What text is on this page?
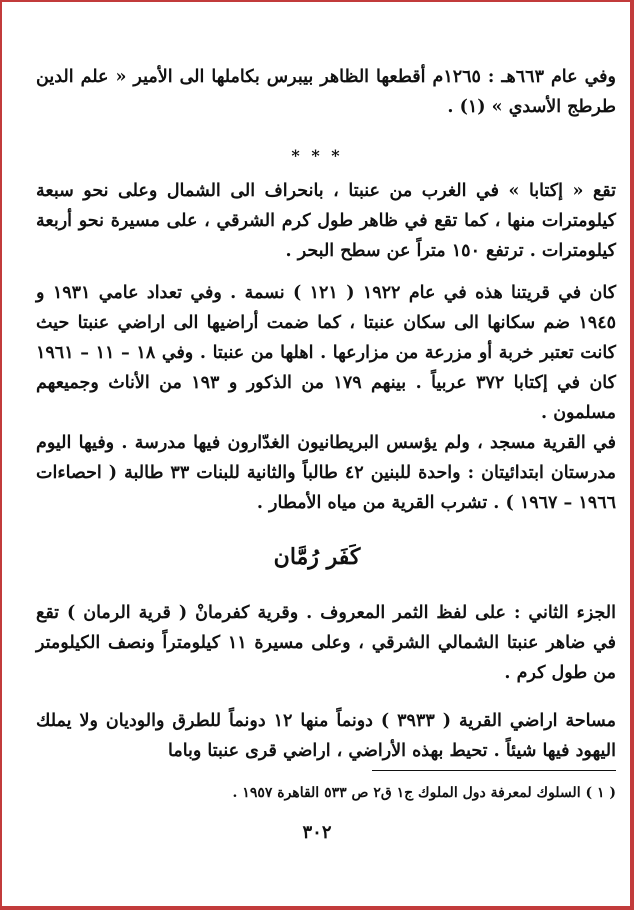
وفي عام ٦٦٣هـ : ١٢٦٥م أقطعها الظاهر بيبرس بكاملها الى الأمير « علم الدين طرطج الأسدي » (١) .

* * *

تقع « إكتابا » في الغرب من عنبتا ، بانحراف الى الشمال وعلى نحو سبعة كيلومترات منها ، كما تقع في ظاهر طول كرم الشرقي ، على مسيرة نحو أربعة كيلومترات . ترتفع ١٥٠ متراً عن سطح البحر .

كان في قريتنا هذه في عام ١٩٢٢ ( ١٢١ ) نسمة . وفي تعداد عامي ١٩٣١ و ١٩٤٥ ضم سكانها الى سكان عنبتا ، كما ضمت أراضيها الى اراضي عنبتا حيث كانت تعتبر خربة أو مزرعة من مزارعها . اهلها من عنبتا . وفي ١٨ – ١١ – ١٩٦١ كان في إكتابا ٣٧٢ عربياً . بينهم ١٧٩ من الذكور و ١٩٣ من الأناث وجميعهم مسلمون .

في القرية مسجد ، ولم يؤسس البريطانيون الغدّارون فيها مدرسة . وفيها اليوم مدرستان ابتدائيتان : واحدة للبنين ٤٢ طالباً والثانية للبنات ٣٣ طالبة ( احصاءات ١٩٦٦ – ١٩٦٧ ) . تشرب القرية من مياه الأمطار .

كَفَر رُمَّان

الجزء الثاني : على لفظ الثمر المعروف . وقرية كفرمانْ ( قرية الرمان ) تقع في ضاهر عنبتا الشمالي الشرقي ، وعلى مسيرة ١١ كيلومتراً ونصف الكيلومتر من طول كرم .

مساحة اراضي القرية ( ٣٩٣٣ ) دونماً منها ١٢ دونماً للطرق والوديان ولا يملك اليهود فيها شيئاً . تحيط بهذه الأراضي ، اراضي قرى عنبتا وباما

( ١ ) السلوك لمعرفة دول الملوك ج١ ق٢ ص ٥٣٣ القاهرة ١٩٥٧ .
٣٠٢
